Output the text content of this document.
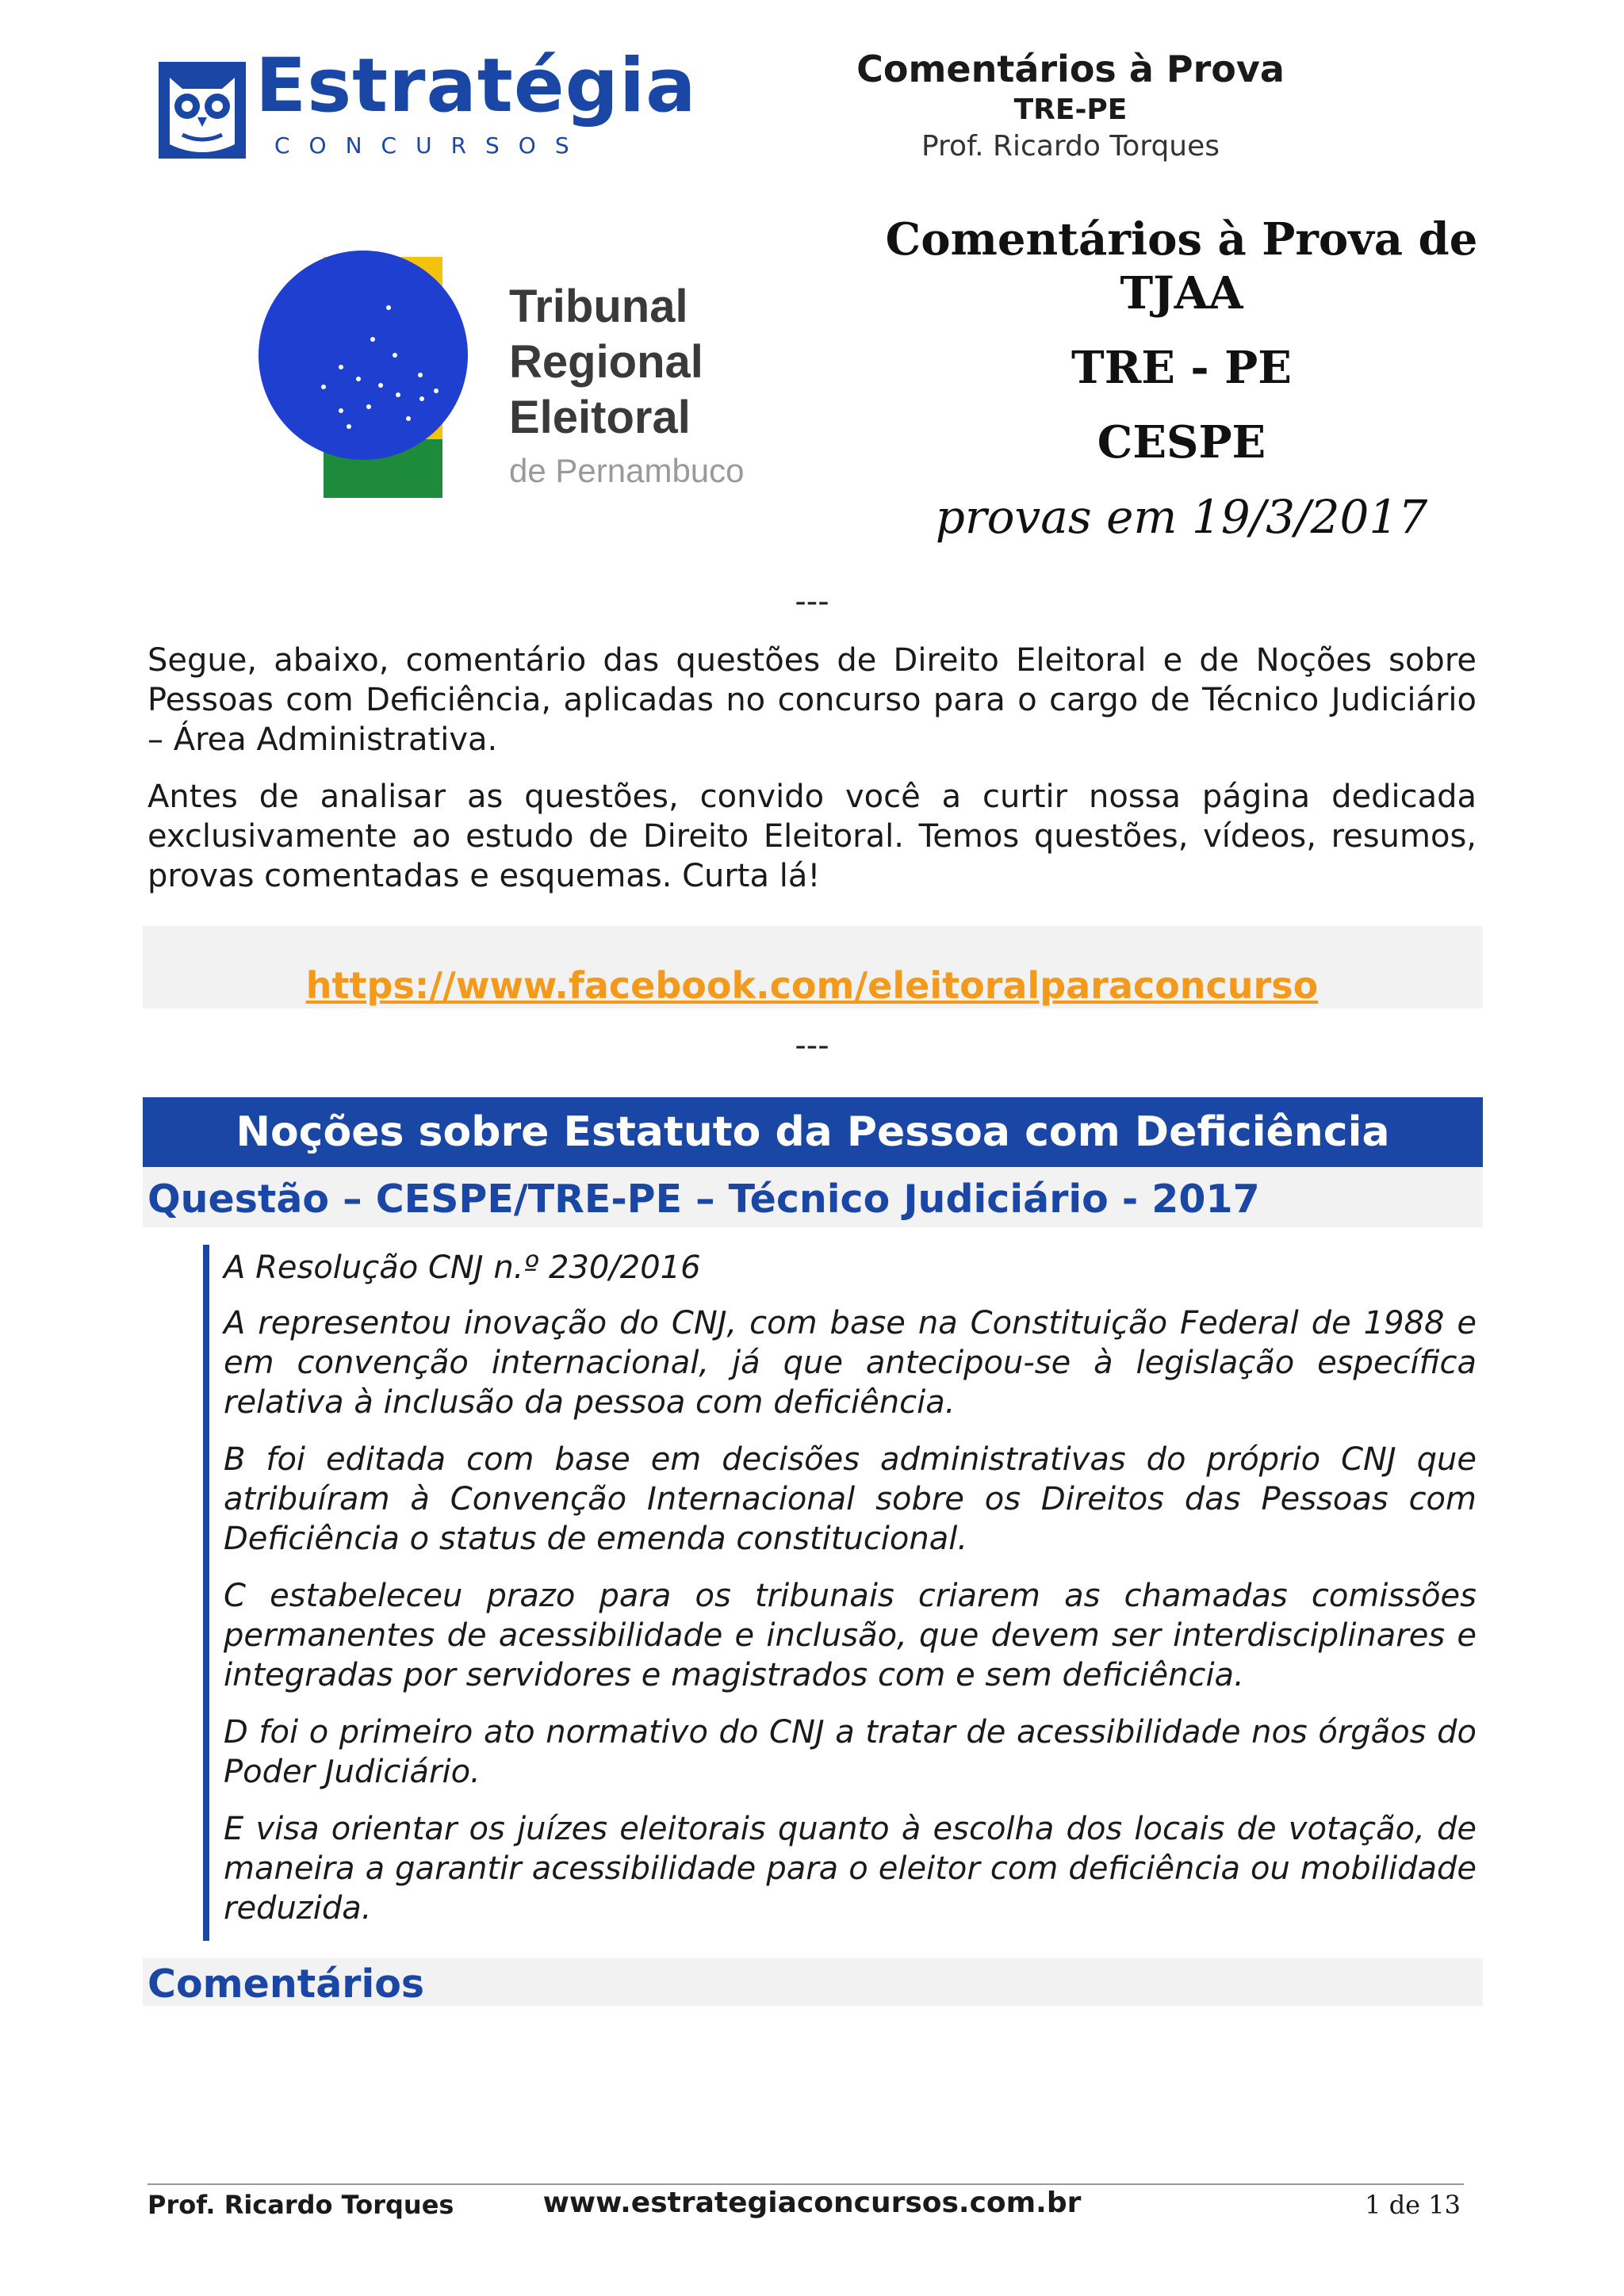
Estratégia
CONCURSOS
Comentários à Prova
TRE-PE
Prof. Ricardo Torques
Tribunal
Regional
Eleitoral
de Pernambuco
Comentários à Prova de
TJAA
TRE - PE
CESPE
provas em 19/3/2017
---
Segue, abaixo, comentário das questões de Direito Eleitoral e de Noções sobre Pessoas com Deficiência, aplicadas no concurso para o cargo de Técnico Judiciário – Área Administrativa.
Antes de analisar as questões, convido você a curtir nossa página dedicada exclusivamente ao estudo de Direito Eleitoral. Temos questões, vídeos, resumos, provas comentadas e esquemas. Curta lá!
https://www.facebook.com/eleitoralparaconcurso
---
Noções sobre Estatuto da Pessoa com Deficiência
Questão – CESPE/TRE-PE – Técnico Judiciário - 2017
A Resolução CNJ n.º 230/2016
A representou inovação do CNJ, com base na Constituição Federal de 1988 e em convenção internacional, já que antecipou-se à legislação específica relativa à inclusão da pessoa com deficiência.
B foi editada com base em decisões administrativas do próprio CNJ que atribuíram à Convenção Internacional sobre os Direitos das Pessoas com Deficiência o status de emenda constitucional.
C estabeleceu prazo para os tribunais criarem as chamadas comissões permanentes de acessibilidade e inclusão, que devem ser interdisciplinares e integradas por servidores e magistrados com e sem deficiência.
D foi o primeiro ato normativo do CNJ a tratar de acessibilidade nos órgãos do Poder Judiciário.
E visa orientar os juízes eleitorais quanto à escolha dos locais de votação, de maneira a garantir acessibilidade para o eleitor com deficiência ou mobilidade reduzida.
Comentários
Prof. Ricardo Torques	www.estrategiaconcursos.com.br	1 de 13
